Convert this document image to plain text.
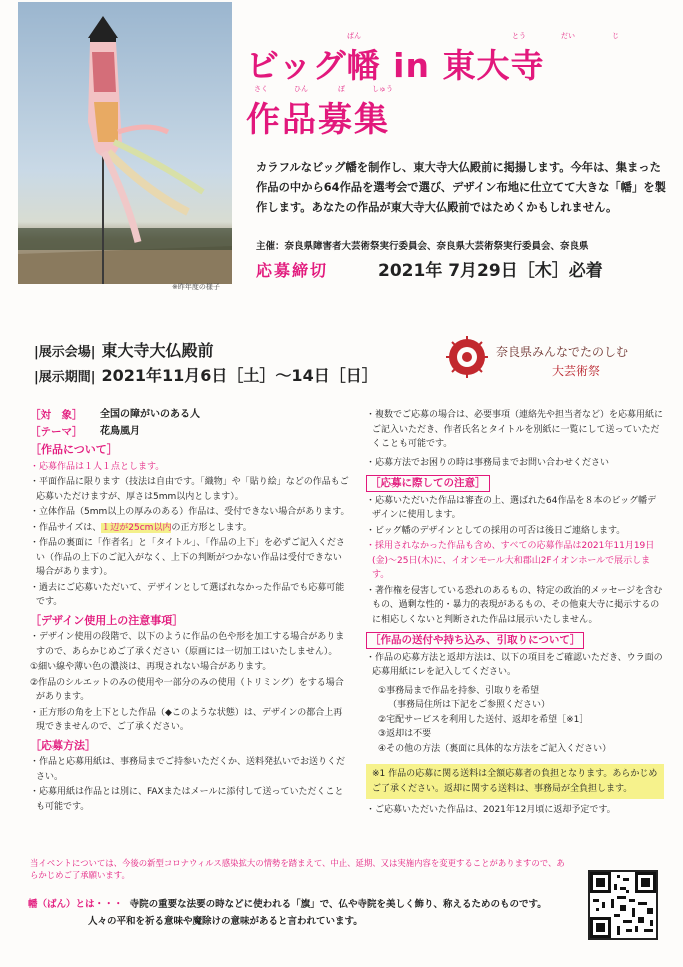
※昨年度の様子
ばん	とう	だい	じ
ビッグ幡 in 東大寺
さく	ひん	ぼ	しゅう
作品募集
カラフルなビッグ幡を制作し、東大寺大仏殿前に掲揚します。今年は、集まった作品の中から64作品を選考会で選び、デザイン布地に仕立てて大きな「幡」を製作します。あなたの作品が東大寺大仏殿前ではためくかもしれません。
主催：奈良県障害者大芸術祭実行委員会、奈良県大芸術祭実行委員会、奈良県
応募締切	2021年 7月29日［木］必着
|展示会場| 東大寺大仏殿前
|展示期間| 2021年11月6日［土］〜14日［日］
奈良県みんなでたのしむ
大芸術祭
［対　象］	全国の障がいのある人
［テーマ］	花鳥風月
［作品について］
・応募作品は１人１点とします。
・平面作品に限ります（技法は自由です。「織物」や「貼り絵」などの作品もご応募いただけますが、厚さは5mm以内とします）。
・立体作品（5mm以上の厚みのある）作品は、受付できない場合があります。
・作品サイズは、１辺が25cm以内の正方形とします。
・作品の裏面に「作者名」と「タイトル」、「作品の上下」を必ずご記入ください（作品の上下のご記入がなく、上下の判断がつかない作品は受付できない場合があります）。
・過去にご応募いただいて、デザインとして選ばれなかった作品でも応募可能です。
［デザイン使用上の注意事項］
・デザイン使用の段階で、以下のように作品の色や形を加工する場合がありますので、あらかじめご了承ください（原画には一切加工はいたしません）。
①細い線や薄い色の濃淡は、再現されない場合があります。
②作品のシルエットのみの使用や一部分のみの使用（トリミング）をする場合があります。
・正方形の角を上下とした作品（◆このような状態）は、デザインの都合上再現できませんので、ご了承ください。
［応募方法］
・作品と応募用紙は、事務局までご持参いただくか、送料発払いでお送りください。
・応募用紙は作品とは別に、FAXまたはメールに添付して送っていただくことも可能です。
・複数でご応募の場合は、必要事項（連絡先や担当者など）を応募用紙にご記入いただき、作者氏名とタイトルを別紙に一覧にして送っていただくことも可能です。
・応募方法でお困りの時は事務局までお問い合わせください
［応募に際しての注意］
・応募いただいた作品は審査の上、選ばれた64作品を８本のビッグ幡デザインに使用します。
・ビッグ幡のデザインとしての採用の可否は後日ご連絡します。
・採用されなかった作品も含め、すべての応募作品は2021年11月19日(金)〜25日(木)に、イオンモール大和郡山2Fイオンホールで展示します。
・著作権を侵害している恐れのあるもの、特定の政治的メッセージを含むもの、過剰な性的・暴力的表現があるもの、その他東大寺に掲示するのに相応しくないと判断された作品は展示いたしません。
［作品の送付や持ち込み、引取りについて］
・作品の応募方法と返却方法は、以下の項目をご確認いただき、ウラ面の応募用紙にレを記入してください。
①事務局まで作品を持参、引取りを希望
（事務局住所は下記をご参照ください）
②宅配サービスを利用した送付、返却を希望［※1］
③返却は不要
④その他の方法（裏面に具体的な方法をご記入ください）
※1 作品の応募に関る送料は全額応募者の負担となります。あらかじめご了承ください。返却に関する送料は、事務局が全負担します。
・ご応募いただいた作品は、2021年12月頃に返却予定です。
当イベントについては、今後の新型コロナウィルス感染拡大の情勢を踏まえて、中止、延期、又は実施内容を変更することがありますので、あらかじめご了承願います。
幡（ばん）とは・・・ 寺院の重要な法要の時などに使われる「旗」で、仏や寺院を美しく飾り、称えるためのものです。
人々の平和を祈る意味や魔除けの意味があると言われています。
